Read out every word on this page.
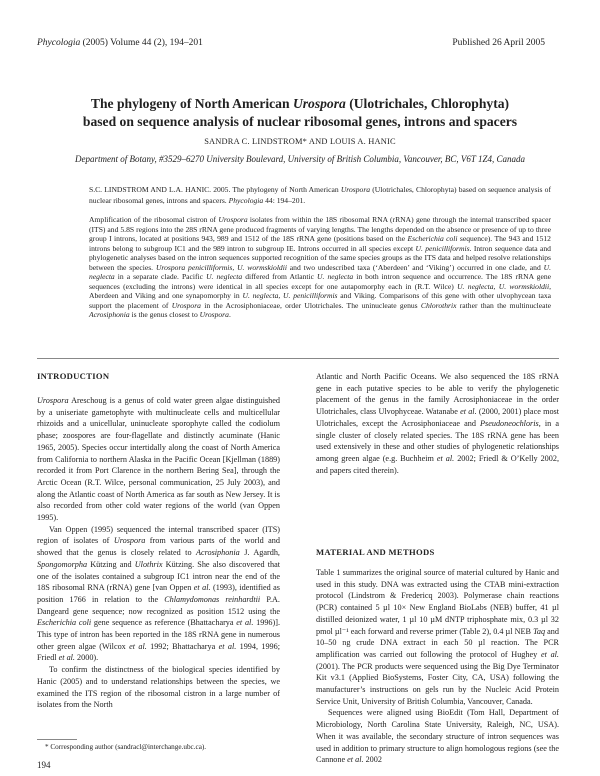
Phycologia (2005) Volume 44 (2), 194–201	Published 26 April 2005
The phylogeny of North American Urospora (Ulotrichales, Chlorophyta)
based on sequence analysis of nuclear ribosomal genes, introns and spacers
SANDRA C. LINDSTROM* AND LOUIS A. HANIC
Department of Botany, #3529–6270 University Boulevard, University of British Columbia, Vancouver, BC, V6T 1Z4, Canada
S.C. LINDSTROM AND L.A. HANIC. 2005. The phylogeny of North American Urospora (Ulotrichales, Chlorophyta) based on sequence analysis of nuclear ribosomal genes, introns and spacers. Phycologia 44: 194–201.
Amplification of the ribosomal cistron of Urospora isolates from within the 18S ribosomal RNA (rRNA) gene through the internal transcribed spacer (ITS) and 5.8S regions into the 28S rRNA gene produced fragments of varying lengths. The lengths depended on the absence or presence of up to three group I introns, located at positions 943, 989 and 1512 of the 18S rRNA gene (positions based on the Escherichia coli sequence). The 943 and 1512 introns belong to subgroup IC1 and the 989 intron to subgroup IE. Introns occurred in all species except U. penicilliformis. Intron sequence data and phylogenetic analyses based on the intron sequences supported recognition of the same species groups as the ITS data and helped resolve relationships between the species. Urospora penicilliformis, U. wormskioldii and two undescribed taxa (‘Aberdeen’ and ‘Viking’) occurred in one clade, and U. neglecta in a separate clade. Pacific U. neglecta differed from Atlantic U. neglecta in both intron sequence and occurrence. The 18S rRNA gene sequences (excluding the introns) were identical in all species except for one autapomorphy each in (R.T. Wilce) U. neglecta, U. wormskioldii, Aberdeen and Viking and one synapomorphy in U. neglecta, U. penicilliformis and Viking. Comparisons of this gene with other ulvophycean taxa support the placement of Urospora in the Acrosiphoniaceae, order Ulotrichales. The uninucleate genus Chlorothrix rather than the multinucleate Acrosiphonia is the genus closest to Urospora.
INTRODUCTION

Urospora Areschoug is a genus of cold water green algae distinguished by a uniseriate gametophyte with multinucleate cells and multicellular rhizoids and a unicellular, uninucleate sporophyte called the codiolum phase; zoospores are four-flagellate and distinctly acuminate (Hanic 1965, 2005). Species occur intertidally along the coast of North America from California to northern Alaska in the Pacific Ocean [Kjellman (1889) recorded it from Port Clarence in the northern Bering Sea], through the Arctic Ocean (R.T. Wilce, personal communication, 25 July 2003), and along the Atlantic coast of North America as far south as New Jersey. It is also recorded from other cold water regions of the world (van Oppen 1995).

Van Oppen (1995) sequenced the internal transcribed spacer (ITS) region of isolates of Urospora from various parts of the world and showed that the genus is closely related to Acrosiphonia J. Agardh, Spongomorpha Kützing and Ulothrix Kützing. She also discovered that one of the isolates contained a subgroup IC1 intron near the end of the 18S ribosomal RNA (rRNA) gene [van Oppen et al. (1993), identified as position 1766 in relation to the Chlamydomonas reinhardtii P.A. Dangeard gene sequence; now recognized as position 1512 using the Escherichia coli gene sequence as reference (Bhattacharya et al. 1996)]. This type of intron has been reported in the 18S rRNA gene in numerous other green algae (Wilcox et al. 1992; Bhattacharya et al. 1994, 1996; Friedl et al. 2000).

To confirm the distinctness of the biological species identified by Hanic (2005) and to understand relationships between the species, we examined the ITS region of the ribosomal cistron in a large number of isolates from the North

Atlantic and North Pacific Oceans. We also sequenced the 18S rRNA gene in each putative species to be able to verify the phylogenetic placement of the genus in the family Acrosiphoniaceae in the order Ulotrichales, class Ulvophyceae. Watanabe et al. (2000, 2001) place most Ulotrichales, except the Acrosiphoniaceae and Pseudoneochloris, in a single cluster of closely related species. The 18S rRNA gene has been used extensively in these and other studies of phylogenetic relationships among green algae (e.g. Buchheim et al. 2002; Friedl & O’Kelly 2002, and papers cited therein).

MATERIAL AND METHODS

Table 1 summarizes the original source of material cultured by Hanic and used in this study. DNA was extracted using the CTAB mini-extraction protocol (Lindstrom & Fredericq 2003). Polymerase chain reactions (PCR) contained 5 µl 10× New England BioLabs (NEB) buffer, 41 µl distilled deionized water, 1 µl 10 µM dNTP triphosphate mix, 0.3 µl 32 pmol µl⁻¹ each forward and reverse primer (Table 2), 0.4 µl NEB Taq and 10–50 ng crude DNA extract in each 50 µl reaction. The PCR amplification was carried out following the protocol of Hughey et al. (2001). The PCR products were sequenced using the Big Dye Terminator Kit v3.1 (Applied BioSystems, Foster City, CA, USA) following the manufacturer’s instructions on gels run by the Nucleic Acid Protein Service Unit, University of British Columbia, Vancouver, Canada.

Sequences were aligned using BioEdit (Tom Hall, Department of Microbiology, North Carolina State University, Raleigh, NC, USA). When it was available, the secondary structure of intron sequences was used in addition to primary structure to align homologous regions (see the Cannone et al. 2002

* Corresponding author (sandracl@interchange.ubc.ca).
194
